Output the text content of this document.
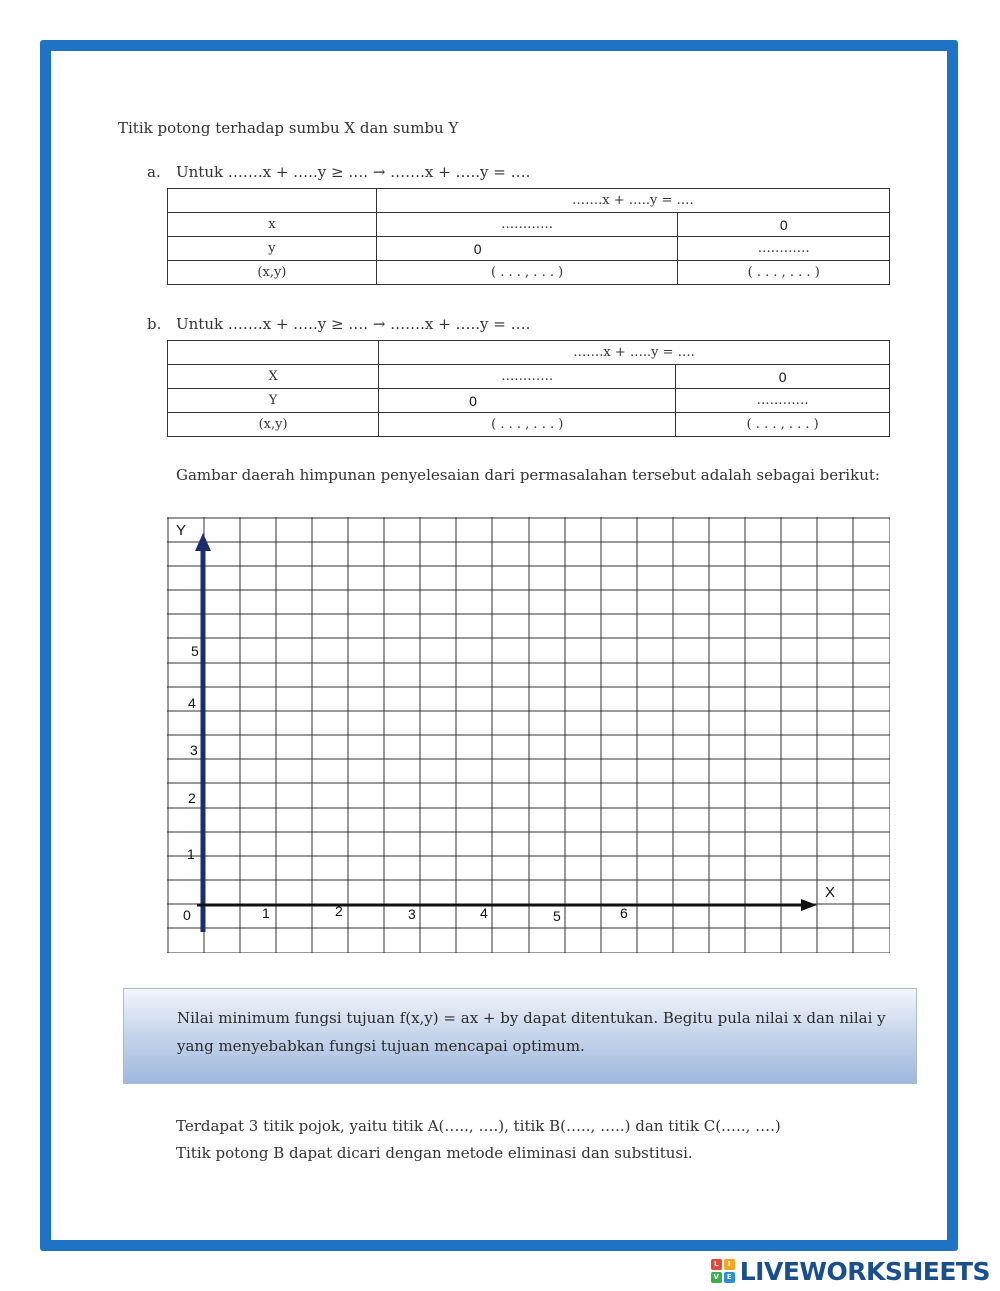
Titik potong terhadap sumbu X dan sumbu Y
a. Untuk …….x + …..y ≥ …. → …….x + …..y = ….
	…….x + …..y = ….	
x	…………	0
y	0	…………
(x,y)	( . . . , . . . )	( . . . , . . . )
b. Untuk …….x + …..y ≥ …. → …….x + …..y = ….
	…….x + …..y = ….	
X	…………	0
Y	0	…………
(x,y)	( . . . , . . . )	( . . . , . . . )
Gambar daerah himpunan penyelesaian dari permasalahan tersebut adalah sebagai berikut:
Y
X
0	1	2	3	4	5	6
1
2
3
4
5
Nilai minimum fungsi tujuan f(x,y) = ax + by dapat ditentukan. Begitu pula nilai x dan nilai y
yang menyebabkan fungsi tujuan mencapai optimum.
Terdapat 3 titik pojok, yaitu titik A(….., ….), titik B(….., …..) dan titik C(….., ….)
Titik potong B dapat dicari dengan metode eliminasi dan substitusi.
L	I
V	E LIVEWORKSHEETS
